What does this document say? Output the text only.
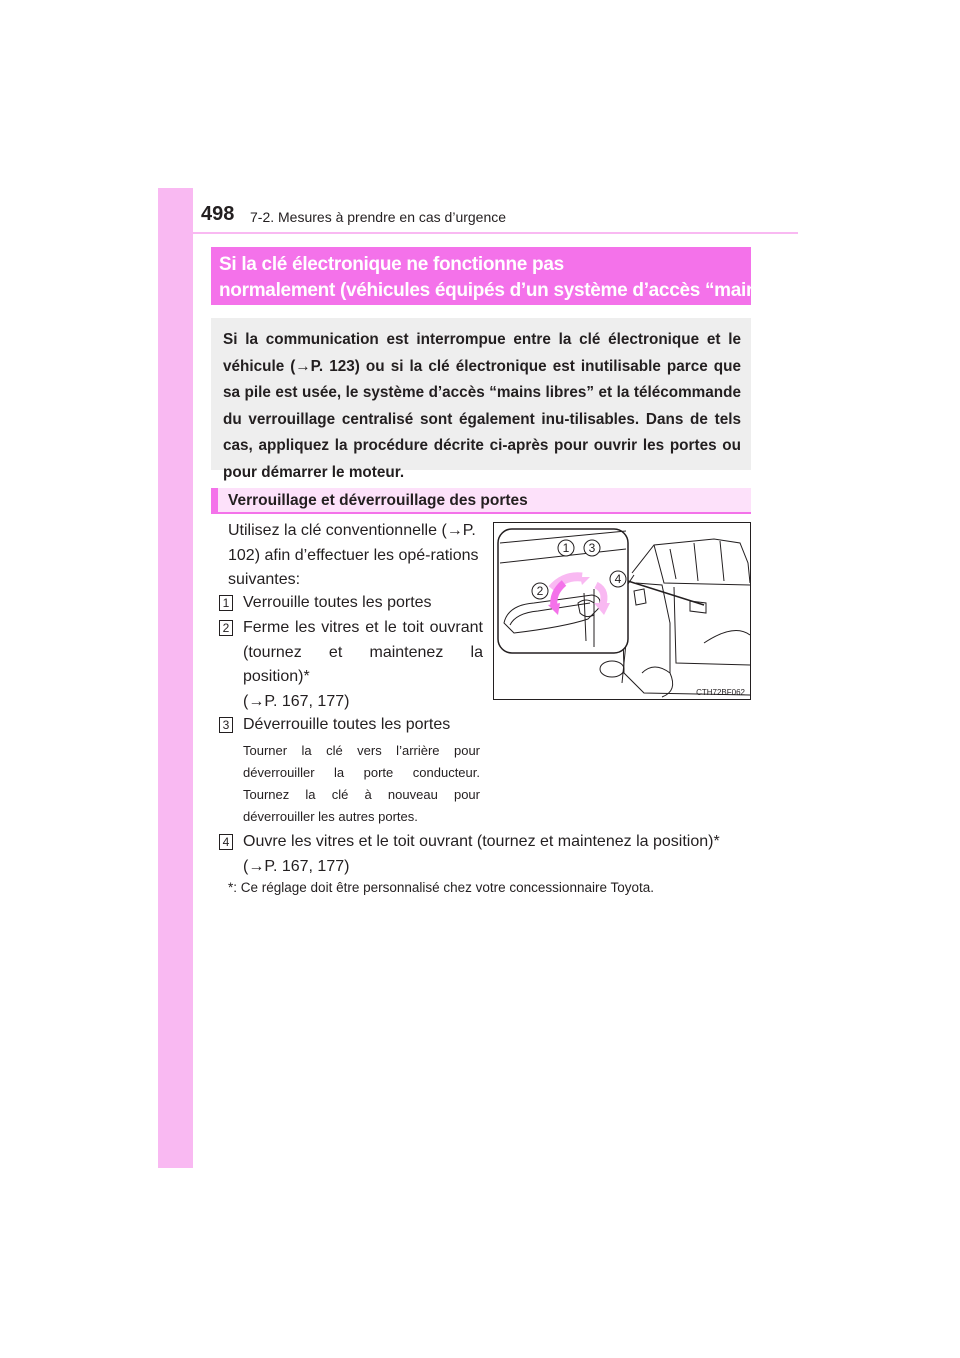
498 7-2. Mesures à prendre en cas d’urgence
Si la clé électronique ne fonctionne pas
normalement (véhicules équipés d’un système d’accès “mains libres”)
Si la communication est interrompue entre la clé électronique et le véhicule (→P. 123) ou si la clé électronique est inutilisable parce que sa pile est usée, le système d’accès “mains libres” et la télécommande du verrouillage centralisé sont également inu-tilisables. Dans de tels cas, appliquez la procédure décrite ci-après pour ouvrir les portes ou pour démarrer le moteur.
Verrouillage et déverrouillage des portes
Utilisez la clé conventionnelle (→P. 102) afin d’effectuer les opé-rations suivantes:
1 3
2
4
CTH72BF062
1 Verrouille toutes les portes
2 Ferme les vitres et le toit ouvrant (tournez et maintenez la position)*
(→P. 167, 177)
3 Déverrouille toutes les portes
Tourner la clé vers l’arrière pour déverrouiller la porte conducteur. Tournez la clé à nouveau pour déverrouiller les autres portes.
4 Ouvre les vitres et le toit ouvrant (tournez et maintenez la position)*
(→P. 167, 177)
*: Ce réglage doit être personnalisé chez votre concessionnaire Toyota.
